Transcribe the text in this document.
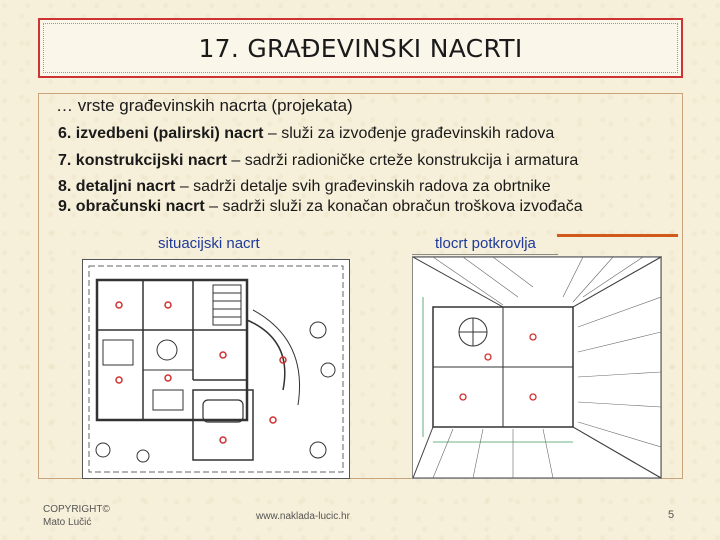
17. GRAĐEVINSKI NACRTI
… vrste građevinskih nacrta (projekata)
6. izvedbeni (palirski) nacrt – služi za izvođenje građevinskih radova
7. konstrukcijski nacrt – sadrži radioničke crteže konstrukcija i armatura
8. detaljni nacrt – sadrži detalje svih građevinskih radova za obrtnike
9. obračunski nacrt – sadrži služi za konačan obračun troškova izvođača
situacijski nacrt	tlocrt potkrovlja
COPYRIGHT©
Mato Lučić
www.naklada-lucic.hr	5
